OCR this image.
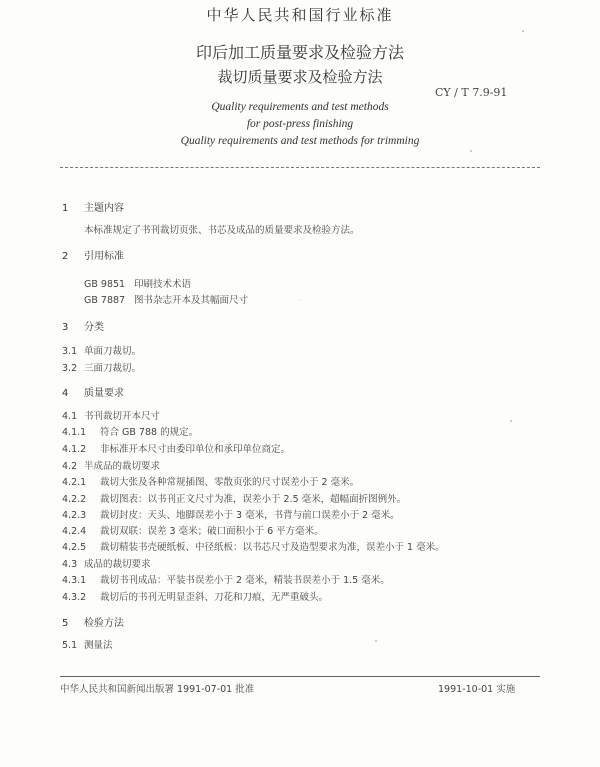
中华人民共和国行业标准
印后加工质量要求及检验方法
裁切质量要求及检验方法
CY / T 7.9-91
Quality requirements and test methods
for post-press finishing
Quality requirements and test methods for trimming
1 主题内容
本标准规定了书刊裁切页张、书芯及成品的质量要求及检验方法。
2 引用标准
GB 9851 印刷技术术语
GB 7887 图书杂志开本及其幅面尺寸
3 分类
3.1 单面刀裁切。
3.2 三面刀裁切。
4 质量要求
4.1 书刊裁切开本尺寸
4.1.1 符合 GB 788 的规定。
4.1.2 非标准开本尺寸由委印单位和承印单位商定。
4.2 半成品的裁切要求
4.2.1 裁切大张及各种常规插图、零散页张的尺寸误差小于 2 毫米。
4.2.2 裁切图表：以书刊正文尺寸为准，误差小于 2.5 毫米，超幅面折图例外。
4.2.3 裁切封皮：天头、地脚误差小于 3 毫米，书背与前口误差小于 2 毫米。
4.2.4 裁切双联：误差 3 毫米；破口面积小于 6 平方毫米。
4.2.5 裁切精装书壳硬纸板、中径纸板：以书芯尺寸及造型要求为准，误差小于 1 毫米。
4.3 成品的裁切要求
4.3.1 裁切书刊成品：平装书误差小于 2 毫米，精装书误差小于 1.5 毫米。
4.3.2 裁切后的书刊无明显歪斜、刀花和刀痕，无严重破头。
5 检验方法
5.1 测量法
中华人民共和国新闻出版署 1991-07-01 批准	1991-10-01 实施
